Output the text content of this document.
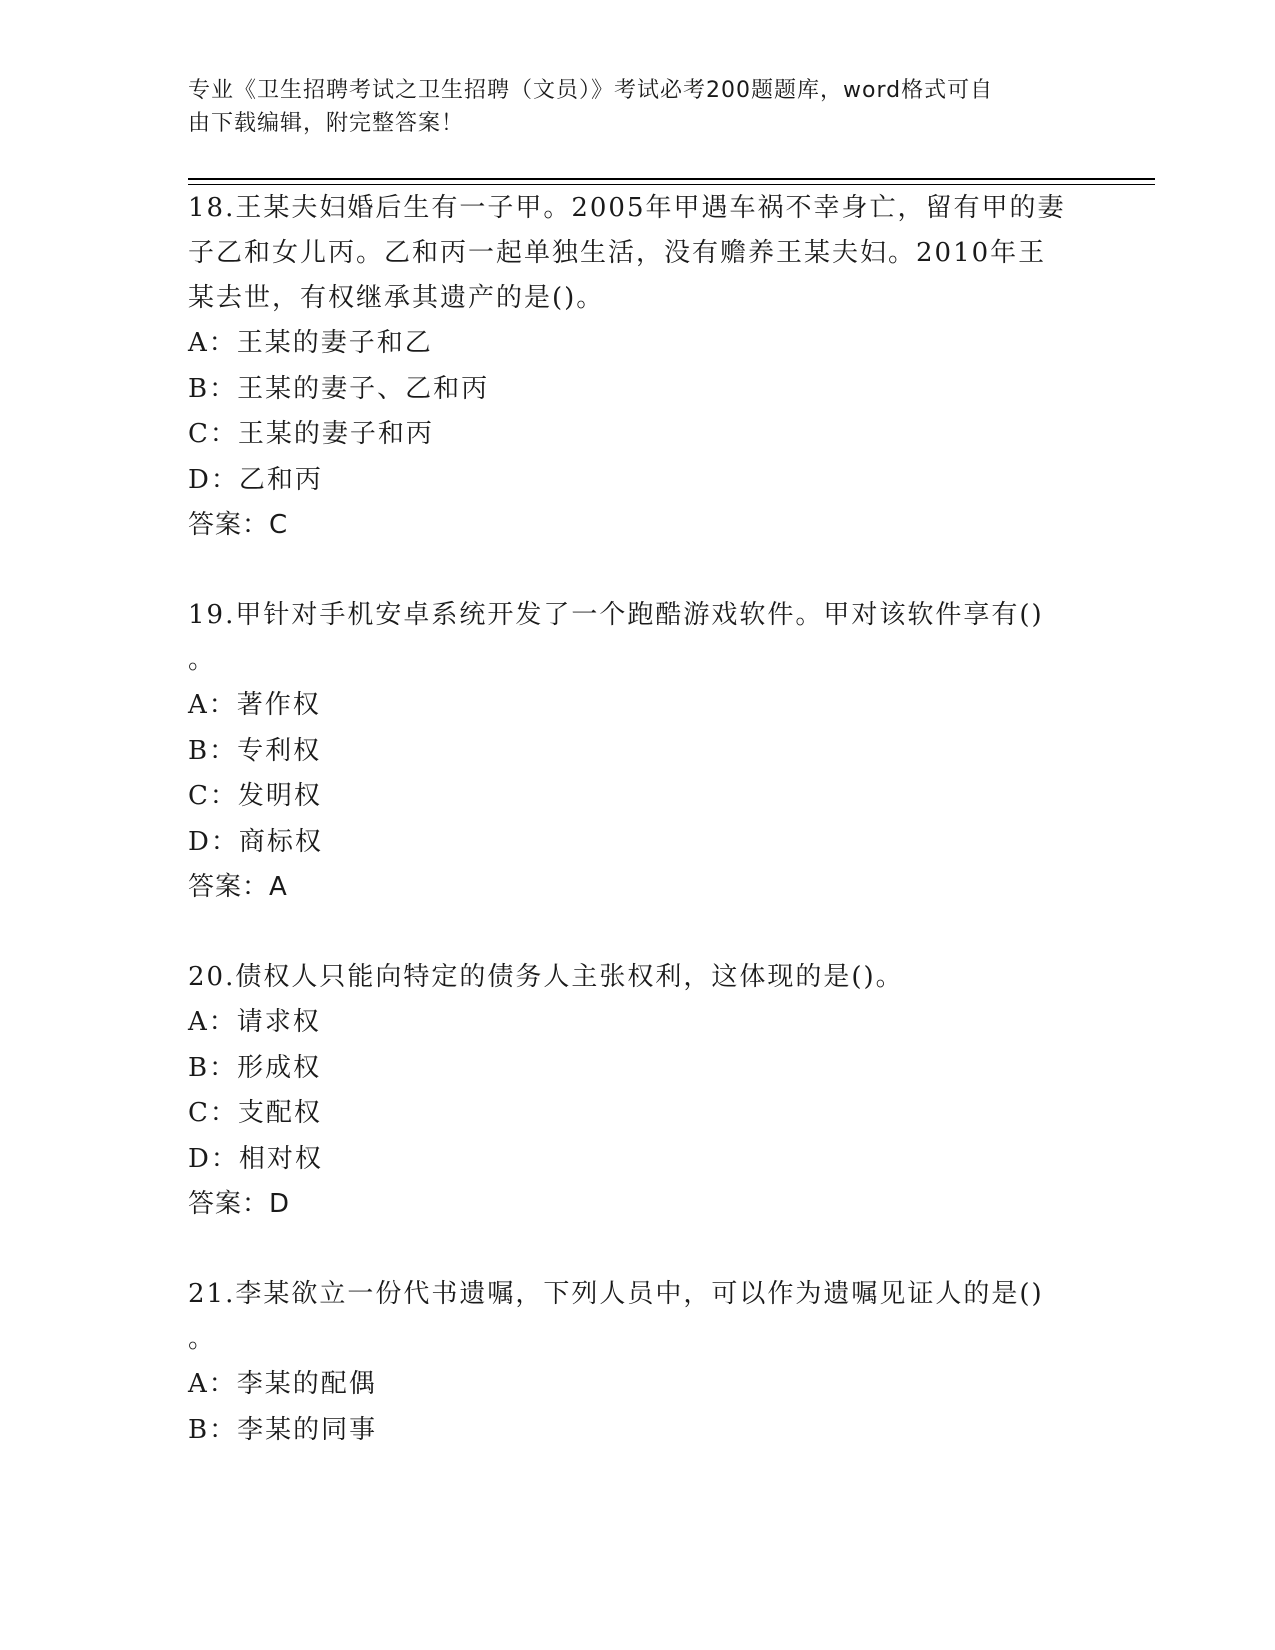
专业《卫生招聘考试之卫生招聘（文员）》考试必考200题题库，word格式可自
由下载编辑，附完整答案！

18.王某夫妇婚后生有一子甲。2005年甲遇车祸不幸身亡，留有甲的妻

子乙和女儿丙。乙和丙一起单独生活，没有赡养王某夫妇。2010年王

某去世，有权继承其遗产的是()。

A：王某的妻子和乙

B：王某的妻子、乙和丙

C：王某的妻子和丙

D：乙和丙

答案：C

19.甲针对手机安卓系统开发了一个跑酷游戏软件。甲对该软件享有()

。

A：著作权

B：专利权

C：发明权

D：商标权

答案：A

20.债权人只能向特定的债务人主张权利，这体现的是()。

A：请求权

B：形成权

C：支配权

D：相对权

答案：D

21.李某欲立一份代书遗嘱，下列人员中，可以作为遗嘱见证人的是()

。

A：李某的配偶

B：李某的同事
